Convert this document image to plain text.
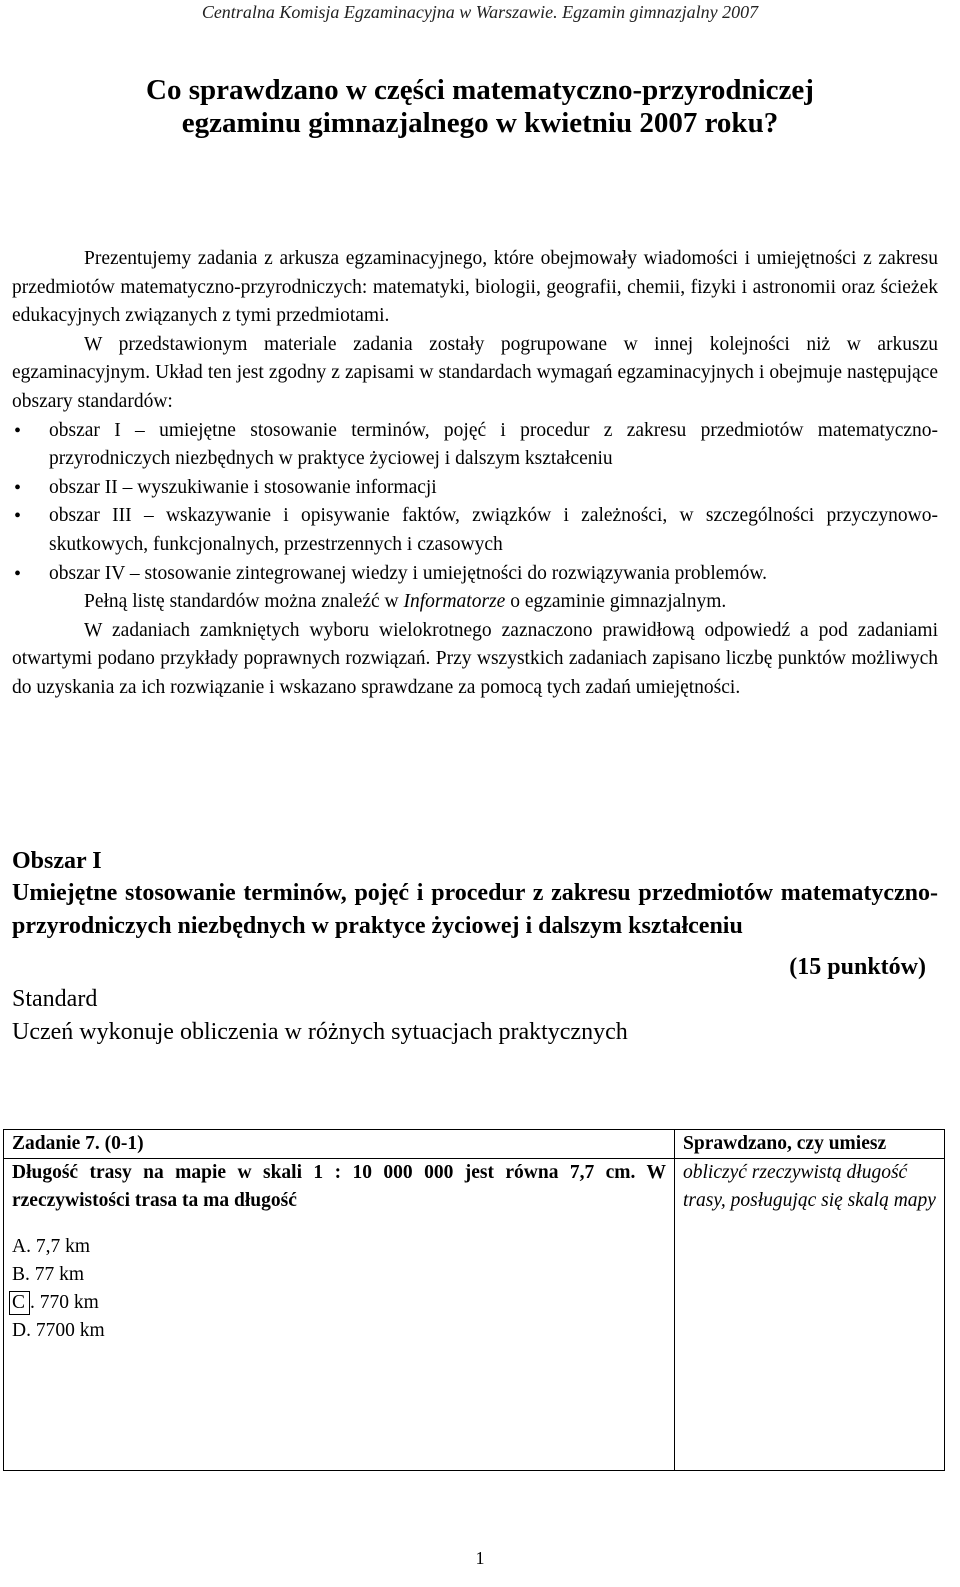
Centralna Komisja Egzaminacyjna w Warszawie. Egzamin gimnazjalny 2007
Co sprawdzano w części matematyczno-przyrodniczej
egzaminu gimnazjalnego w kwietniu 2007 roku?

Prezentujemy zadania z arkusza egzaminacyjnego, które obejmowały wiadomości i umiejętności z zakresu przedmiotów matematyczno-przyrodniczych: matematyki, biologii, geografii, chemii, fizyki i astronomii oraz ścieżek edukacyjnych związanych z tymi przedmiotami.

W przedstawionym materiale zadania zostały pogrupowane w innej kolejności niż w arkuszu egzaminacyjnym. Układ ten jest zgodny z zapisami w standardach wymagań egzaminacyjnych i obejmuje następujące obszary standardów:

• obszar I – umiejętne stosowanie terminów, pojęć i procedur z zakresu przedmiotów matematyczno-przyrodniczych niezbędnych w praktyce życiowej i dalszym kształceniu
• obszar II – wyszukiwanie i stosowanie informacji
• obszar III – wskazywanie i opisywanie faktów, związków i zależności, w szczególności przyczynowo-skutkowych, funkcjonalnych, przestrzennych i czasowych
• obszar IV – stosowanie zintegrowanej wiedzy i umiejętności do rozwiązywania problemów.

Pełną listę standardów można znaleźć w Informatorze o egzaminie gimnazjalnym.

W zadaniach zamkniętych wyboru wielokrotnego zaznaczono prawidłową odpowiedź a pod zadaniami otwartymi podano przykłady poprawnych rozwiązań. Przy wszystkich zadaniach zapisano liczbę punktów możliwych do uzyskania za ich rozwiązanie i wskazano sprawdzane za pomocą tych zadań umiejętności.

Obszar I
Umiejętne stosowanie terminów, pojęć i procedur z zakresu przedmiotów matematyczno-przyrodniczych niezbędnych w praktyce życiowej i dalszym kształceniu
(15 punktów)
Standard
Uczeń wykonuje obliczenia w różnych sytuacjach praktycznych
Zadanie 7. (0-1)	Sprawdzano, czy umiesz

Długość trasy na mapie w skali 1 : 10 000 000 jest równa 7,7 cm. W rzeczywistości trasa ta ma długość
A. 7,7 km
B. 77 km
C . 770 km
D. 7700 km	obliczyć rzeczywistą długość trasy, posługując się skalą mapy
1
